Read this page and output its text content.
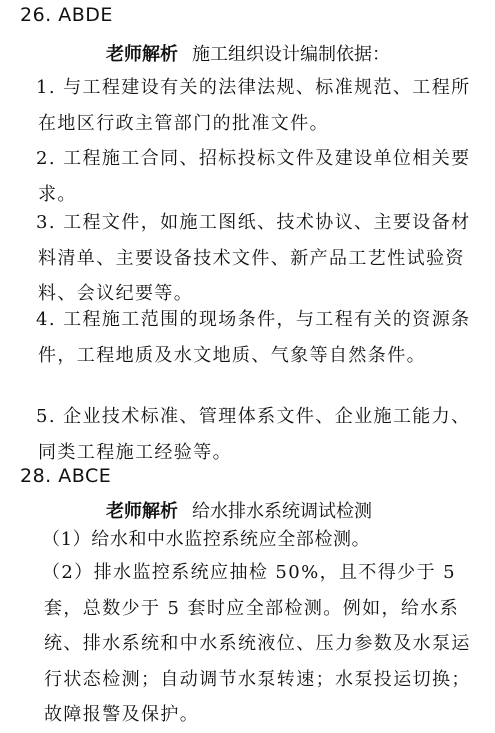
26. ABDE
老师解析 施工组织设计编制依据：
1. 与工程建设有关的法律法规、标准规范、工程所在地区行政主管部门的批准文件。
2. 工程施工合同、招标投标文件及建设单位相关要求。
3. 工程文件，如施工图纸、技术协议、主要设备材料清单、主要设备技术文件、新产品工艺性试验资料、会议纪要等。
4. 工程施工范围的现场条件，与工程有关的资源条件，工程地质及水文地质、气象等自然条件。
5. 企业技术标准、管理体系文件、企业施工能力、同类工程施工经验等。
28. ABCE
老师解析 给水排水系统调试检测
（1）给水和中水监控系统应全部检测。
（2）排水监控系统应抽检 50%，且不得少于 5 套，总数少于 5 套时应全部检测。例如，给水系统、排水系统和中水系统液位、压力参数及水泵运行状态检测；自动调节水泵转速；水泵投运切换；故障报警及保护。
